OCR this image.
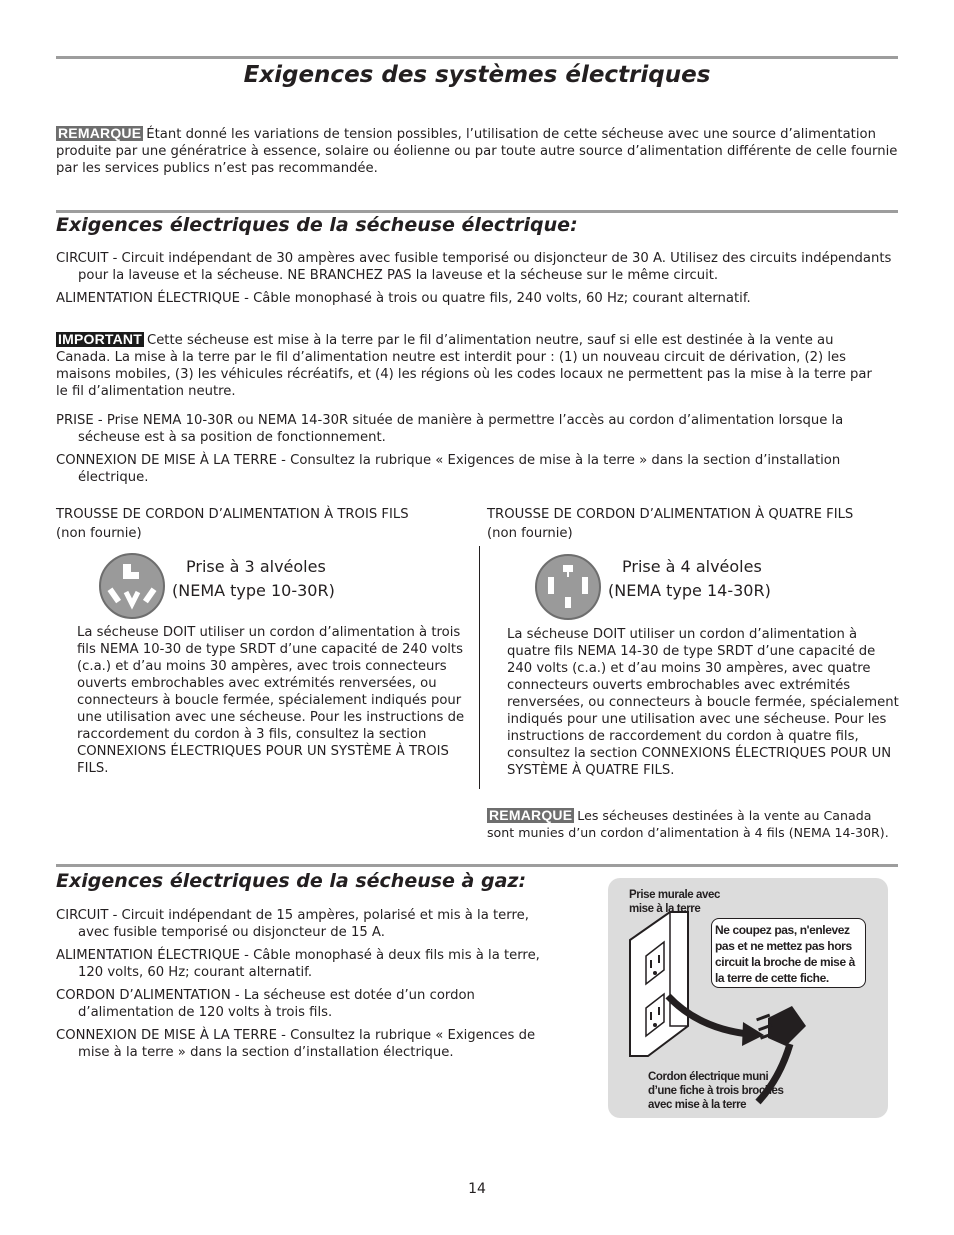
Exigences des systèmes électriques
REMARQUE Étant donné les variations de tension possibles, l’utilisation de cette sécheuse avec une source d’alimentation produite par une génératrice à essence, solaire ou éolienne ou par toute autre source d’alimentation différente de celle fournie par les services publics n’est pas recommandée.
Exigences électriques de la sécheuse électrique:
CIRCUIT - Circuit indépendant de 30 ampères avec fusible temporisé ou disjoncteur de 30 A. Utilisez des circuits indépendants pour la laveuse et la sécheuse. NE BRANCHEZ PAS la laveuse et la sécheuse sur le même circuit.
ALIMENTATION ÉLECTRIQUE - Câble monophasé à trois ou quatre fils, 240 volts, 60 Hz; courant alternatif.
IMPORTANT Cette sécheuse est mise à la terre par le fil d’alimentation neutre, sauf si elle est destinée à la vente au Canada. La mise à la terre par le fil d’alimentation neutre est interdit pour : (1) un nouveau circuit de dérivation, (2) les maisons mobiles, (3) les véhicules récréatifs, et (4) les régions où les codes locaux ne permettent pas la mise à la terre par le fil d’alimentation neutre.
PRISE - Prise NEMA 10-30R ou NEMA 14-30R située de manière à permettre l’accès au cordon d’alimentation lorsque la sécheuse est à sa position de fonctionnement.
CONNEXION DE MISE À LA TERRE - Consultez la rubrique « Exigences de mise à la terre » dans la section d’installation électrique.
TROUSSE DE CORDON D’ALIMENTATION À TROIS FILS
(non fournie)
Prise à 3 alvéoles
(NEMA type 10-30R)
La sécheuse DOIT utiliser un cordon d’alimentation à trois fils NEMA 10-30 de type SRDT d’une capacité de 240 volts (c.a.) et d’au moins 30 ampères, avec trois connecteurs ouverts embrochables avec extrémités renversées, ou connecteurs à boucle fermée, spécialement indiqués pour une utilisation avec une sécheuse. Pour les instructions de raccordement du cordon à 3 fils, consultez la section CONNEXIONS ÉLECTRIQUES POUR UN SYSTÈME À TROIS FILS.
TROUSSE DE CORDON D’ALIMENTATION À QUATRE FILS
(non fournie)
Prise à 4 alvéoles
(NEMA type 14-30R)
La sécheuse DOIT utiliser un cordon d’alimentation à quatre fils NEMA 14-30 de type SRDT d’une capacité de 240 volts (c.a.) et d’au moins 30 ampères, avec quatre connecteurs ouverts embrochables avec extrémités renversées, ou connecteurs à boucle fermée, spécialement indiqués pour une utilisation avec une sécheuse. Pour les instructions de raccordement du cordon à quatre fils, consultez la section CONNEXIONS ÉLECTRIQUES POUR UN SYSTÈME À QUATRE FILS.
REMARQUE Les sécheuses destinées à la vente au Canada sont munies d’un cordon d’alimentation à 4 fils (NEMA 14-30R).
Exigences électriques de la sécheuse à gaz:
CIRCUIT - Circuit indépendant de 15 ampères, polarisé et mis à la terre, avec fusible temporisé ou disjoncteur de 15 A.
ALIMENTATION ÉLECTRIQUE - Câble monophasé à deux fils mis à la terre, 120 volts, 60 Hz; courant alternatif.
CORDON D’ALIMENTATION - La sécheuse est dotée d’un cordon d’alimentation de 120 volts à trois fils.
CONNEXION DE MISE À LA TERRE - Consultez la rubrique « Exigences de mise à la terre » dans la section d’installation électrique.
Prise murale avec mise à la terre
Cordon électrique muni d’une fiche à trois broches avec mise à la terre
Ne coupez pas, n'enlevez pas et ne mettez pas hors circuit la broche de mise à la terre de cette fiche.
14
